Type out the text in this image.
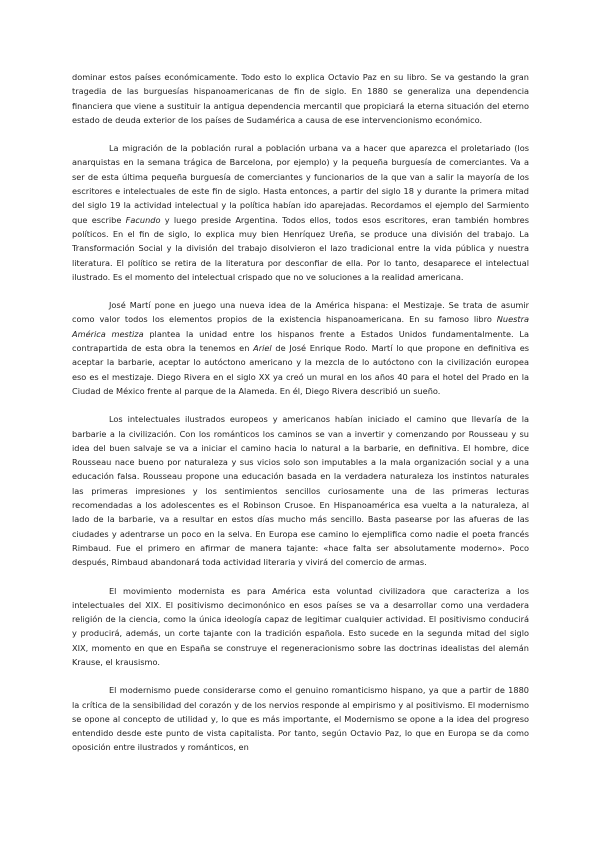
dominar estos países económicamente. Todo esto lo explica Octavio Paz en su libro. Se va gestando la gran tragedia de las burguesías hispanoamericanas de fin de siglo. En 1880 se generaliza una dependencia financiera que viene a sustituir la antigua dependencia mercantil que propiciará la eterna situación del eterno estado de deuda exterior de los países de Sudamérica a causa de ese intervencionismo económico.

La migración de la población rural a población urbana va a hacer que aparezca el proletariado (los anarquistas en la semana trágica de Barcelona, por ejemplo) y la pequeña burguesía de comerciantes. Va a ser de esta última pequeña burguesía de comerciantes y funcionarios de la que van a salir la mayoría de los escritores e intelectuales de este fin de siglo. Hasta entonces, a partir del siglo 18 y durante la primera mitad del siglo 19 la actividad intelectual y la política habían ido aparejadas. Recordamos el ejemplo del Sarmiento que escribe Facundo y luego preside Argentina. Todos ellos, todos esos escritores, eran también hombres políticos. En el fin de siglo, lo explica muy bien Henríquez Ureña, se produce una división del trabajo. La Transformación Social y la división del trabajo disolvieron el lazo tradicional entre la vida pública y nuestra literatura. El político se retira de la literatura por desconfiar de ella. Por lo tanto, desaparece el intelectual ilustrado. Es el momento del intelectual crispado que no ve soluciones a la realidad americana.

José Martí pone en juego una nueva idea de la América hispana: el Mestizaje. Se trata de asumir como valor todos los elementos propios de la existencia hispanoamericana. En su famoso libro Nuestra América mestiza plantea la unidad entre los hispanos frente a Estados Unidos fundamentalmente. La contrapartida de esta obra la tenemos en Ariel de José Enrique Rodo. Martí lo que propone en definitiva es aceptar la barbarie, aceptar lo autóctono americano y la mezcla de lo autóctono con la civilización europea eso es el mestizaje. Diego Rivera en el siglo XX ya creó un mural en los años 40 para el hotel del Prado en la Ciudad de México frente al parque de la Alameda. En él, Diego Rivera describió un sueño.

Los intelectuales ilustrados europeos y americanos habían iniciado el camino que llevaría de la barbarie a la civilización. Con los románticos los caminos se van a invertir y comenzando por Rousseau y su idea del buen salvaje se va a iniciar el camino hacia lo natural a la barbarie, en definitiva. El hombre, dice Rousseau nace bueno por naturaleza y sus vicios solo son imputables a la mala organización social y a una educación falsa. Rousseau propone una educación basada en la verdadera naturaleza los instintos naturales las primeras impresiones y los sentimientos sencillos curiosamente una de las primeras lecturas recomendadas a los adolescentes es el Robinson Crusoe. En Hispanoamérica esa vuelta a la naturaleza, al lado de la barbarie, va a resultar en estos días mucho más sencillo. Basta pasearse por las afueras de las ciudades y adentrarse un poco en la selva. En Europa ese camino lo ejemplifica como nadie el poeta francés Rimbaud. Fue el primero en afirmar de manera tajante: «hace falta ser absolutamente moderno». Poco después, Rimbaud abandonará toda actividad literaria y vivirá del comercio de armas.

El movimiento modernista es para América esta voluntad civilizadora que caracteriza a los intelectuales del XIX. El positivismo decimonónico en esos países se va a desarrollar como una verdadera religión de la ciencia, como la única ideología capaz de legitimar cualquier actividad. El positivismo conducirá y producirá, además, un corte tajante con la tradición española. Esto sucede en la segunda mitad del siglo XIX, momento en que en España se construye el regeneracionismo sobre las doctrinas idealistas del alemán Krause, el krausismo.

El modernismo puede considerarse como el genuino romanticismo hispano, ya que a partir de 1880 la crítica de la sensibilidad del corazón y de los nervios responde al empirismo y al positivismo. El modernismo se opone al concepto de utilidad y, lo que es más importante, el Modernismo se opone a la idea del progreso entendido desde este punto de vista capitalista. Por tanto, según Octavio Paz, lo que en Europa se da como oposición entre ilustrados y románticos, en
